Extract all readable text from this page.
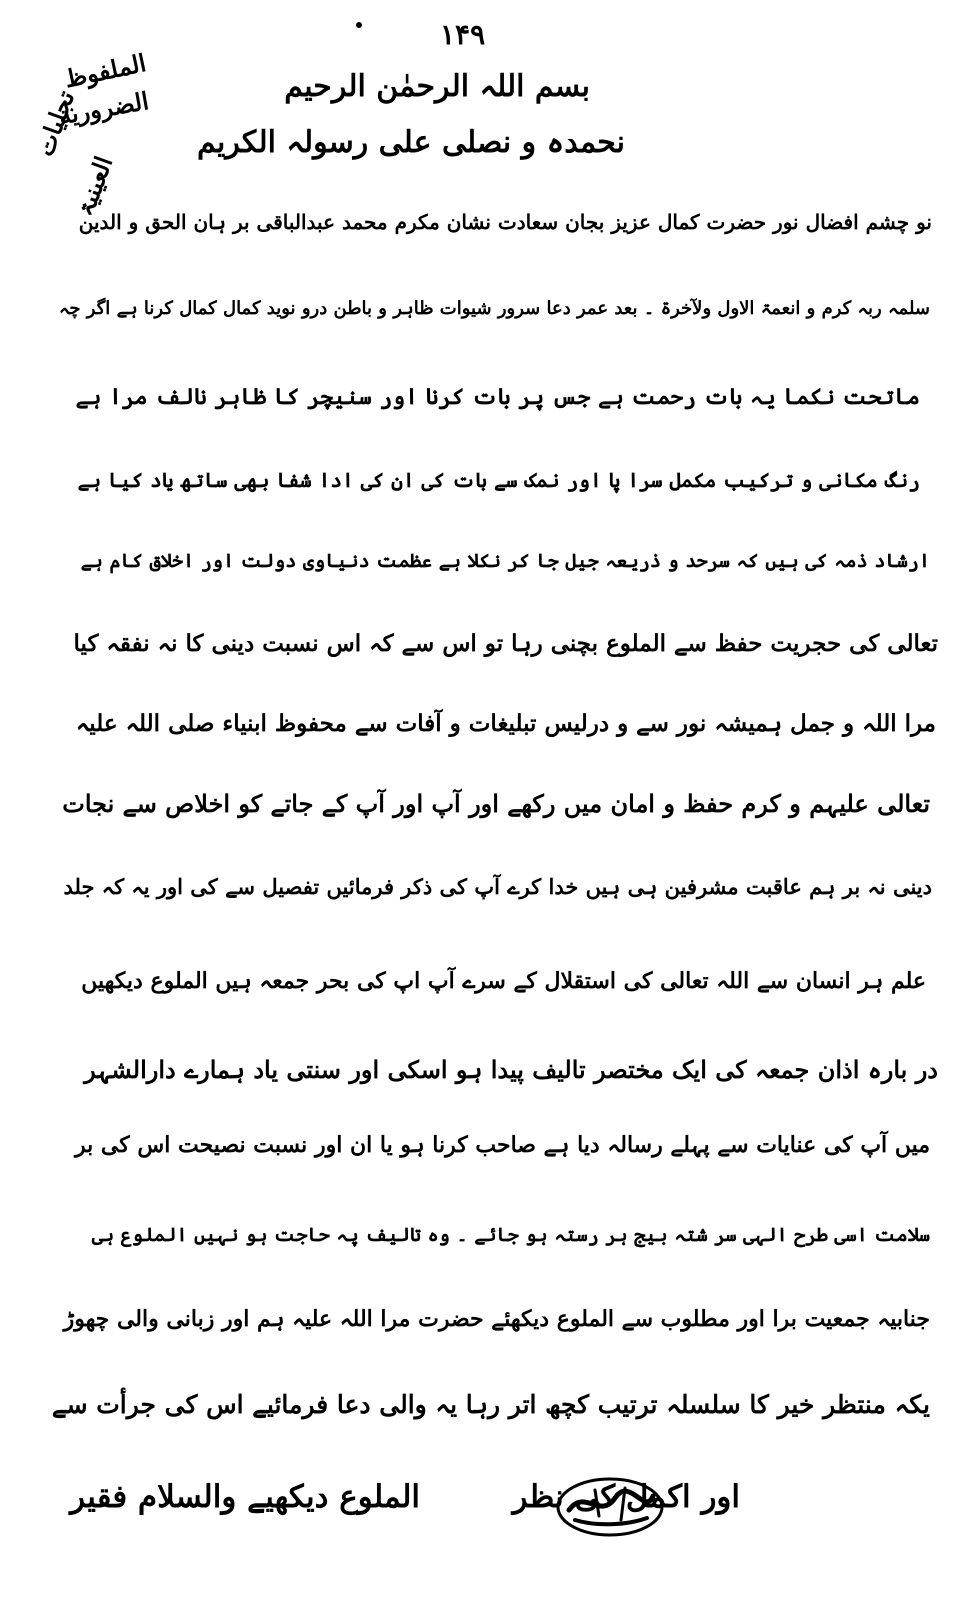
۱۴۹
الملفوظ
الضرورية
تجلیات
العینیۃ
بسم اللہ الرحمٰن الرحیم
نحمدہ و نصلی علی رسولہ الکریم
نو چشم افضال نور حضرت کمال عزیز بجان سعادت نشان مکرم محمد عبدالباقی بر ہان الحق و الدین
سلمہ ربہ کرم و انعمۃ الاول ولآخرۃ ۔ بعد عمر دعا سرور شیوات ظاہر و باطن درو نوید کمال کمال کرنا ہے اگر چہ
ماتحت نکما یہ بات رحمت ہے جس پر بات کرنا اور سنیچر کا ظاہر نالف مرا ہے
رنگ مکانی و ترکیب مکمل سرا پا اور نمک سے بات کی ان کی ادا شفا بھی ساتھ یاد کیا ہے
ارشاد ذمہ کی ہیں کہ سرحد و ذریعہ جیل جا کر نکلا ہے عظمت دنیاوی دولت اور اخلاق کام ہے
تعالی کی حجریت حفظ سے الملوع بچنی رہا تو اس سے کہ اس نسبت دینی کا نہ نفقہ کیا
مرا اللہ و جمل ہمیشہ نور سے و درلیس تبلیغات و آفات سے محفوظ ابنیاء صلی اللہ علیہ
تعالی علیہم و کرم حفظ و امان میں رکھے اور آپ اور آپ کے جاتے کو اخلاص سے نجات
دینی نہ بر ہم عاقبت مشرفین ہی ہیں خدا کرے آپ کی ذکر فرمائیں تفصیل سے کی اور یہ کہ جلد
علم ہر انسان سے اللہ تعالی کی استقلال کے سرے آپ اپ کی بحر جمعہ ہیں الملوع دیکھیں
در بارہ اذان جمعہ کی ایک مختصر تالیف پیدا ہو اسکی اور سنتی یاد ہمارے دارالشہر
میں آپ کی عنایات سے پہلے رسالہ دیا ہے صاحب کرنا ہو یا ان اور نسبت نصیحت اس کی بر
سلامت اسی طرح الہی سر شتہ بیج ہر رستہ ہو جائے ۔ وہ تالیف پہ حاجت ہو نہیں الملوع ہی
جنابیہ جمعیت برا اور مطلوب سے الملوع دیکھئے حضرت مرا اللہ علیہ ہم اور زبانی والی چھوڑ
یکہ منتظر خیر کا سلسلہ ترتیب کچھ اتر رہا یہ والی دعا فرمائیے اس کی جرأت سے
الملوع دیکھیے والسلام فقیر	اور اکمل کی نظر
